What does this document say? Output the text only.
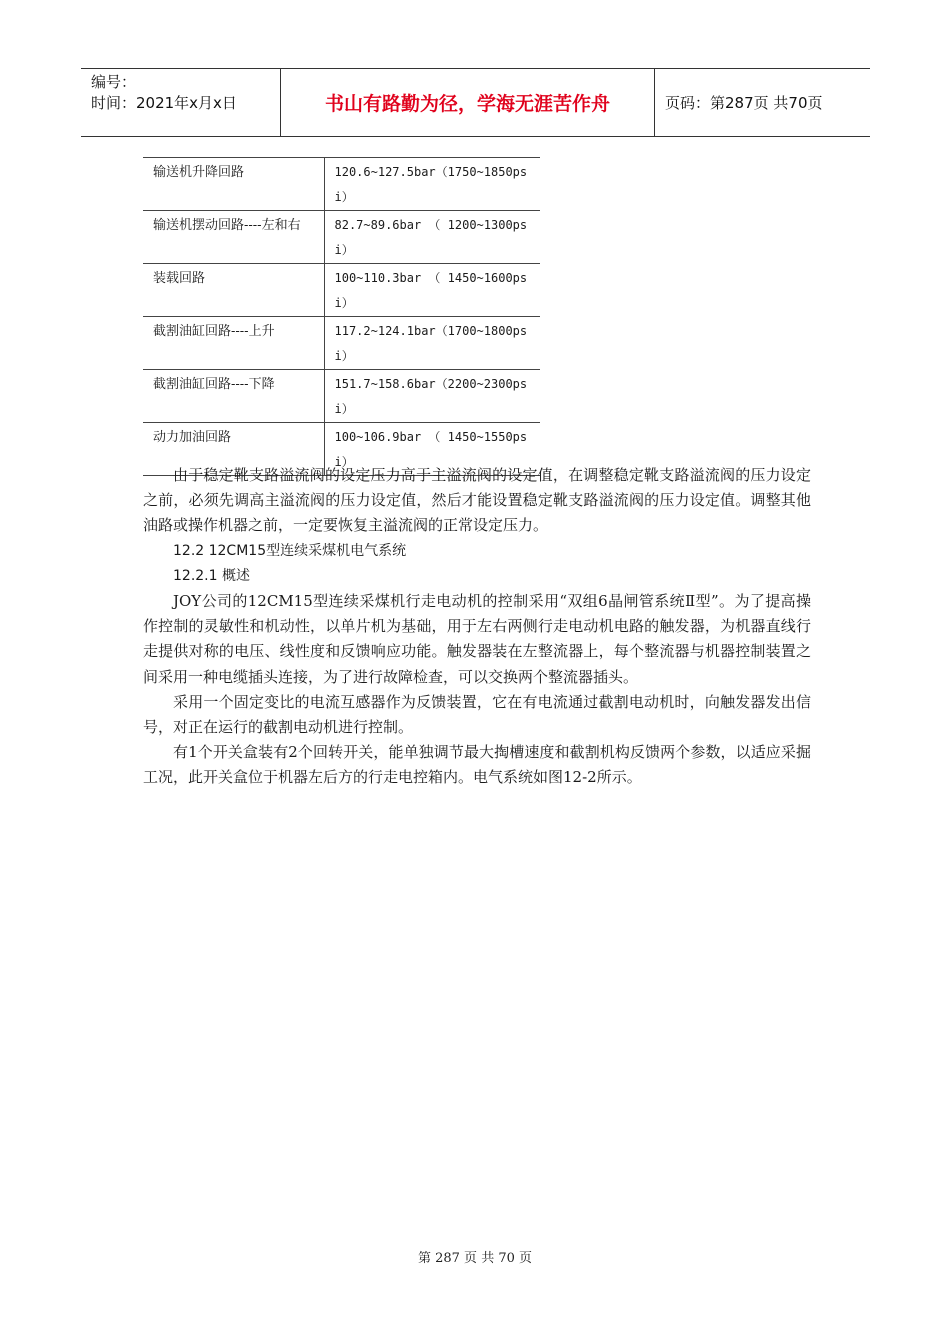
编号：
时间：2021年x月x日	书山有路勤为径，学海无涯苦作舟	页码：第287页 共70页
输送机升降回路	120.6~127.5bar（1750~1850psi）
输送机摆动回路----左和右	82.7~89.6bar （ 1200~1300psi）
装载回路	100~110.3bar （ 1450~1600psi）
截割油缸回路----上升	117.2~124.1bar（1700~1800psi）
截割油缸回路----下降	151.7~158.6bar（2200~2300psi）
动力加油回路	100~106.9bar （ 1450~1550psi）

由于稳定靴支路溢流阀的设定压力高于主溢流阀的设定值，在调整稳定靴支路溢流阀的压力设定之前，必须先调高主溢流阀的压力设定值，然后才能设置稳定靴支路溢流阀的压力设定值。调整其他油路或操作机器之前，一定要恢复主溢流阀的正常设定压力。

12.2 12CM15型连续采煤机电气系统

12.2.1 概述

JOY公司的12CM15型连续采煤机行走电动机的控制采用“双组6晶闸管系统Ⅱ型”。为了提高操作控制的灵敏性和机动性，以单片机为基础，用于左右两侧行走电动机电路的触发器，为机器直线行走提供对称的电压、线性度和反馈响应功能。触发器装在左整流器上，每个整流器与机器控制装置之间采用一种电缆插头连接，为了进行故障检查，可以交换两个整流器插头。

采用一个固定变比的电流互感器作为反馈装置，它在有电流通过截割电动机时，向触发器发出信号，对正在运行的截割电动机进行控制。

有1个开关盒装有2个回转开关，能单独调节最大掏槽速度和截割机构反馈两个参数，以适应采掘工况，此开关盒位于机器左后方的行走电控箱内。电气系统如图12-2所示。

第 287 页 共 70 页
